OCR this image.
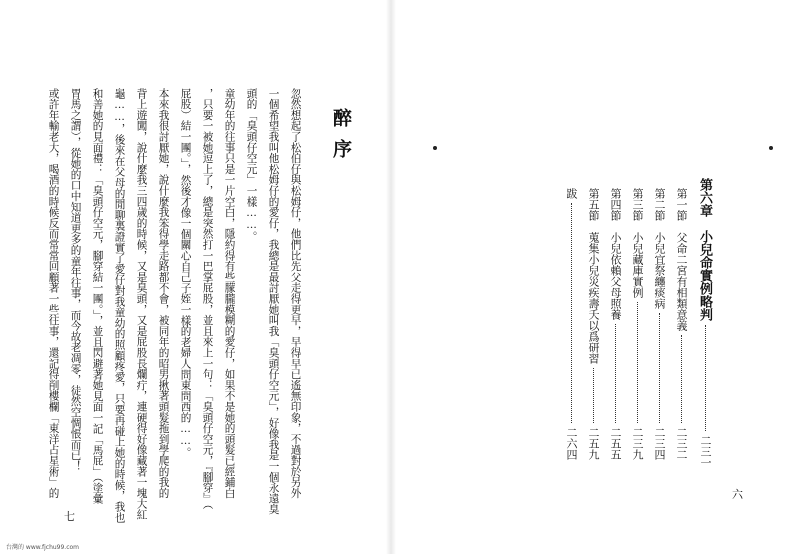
忽然想起了松伯仔與松姆仔，他們比先父走得更早，早得早已遙無印象，不過對於另外
一個希望我叫他松姆仔的愛仔，我總是最討厭她叫我「臭頭仔空元」，好像我是一個永遠臭
頭的「臭頭仔空元」一樣……。
童幼年的往事只是一片空白，隱約得有些朦朧模糊的愛仔，如果不是她的頭髮已經鋪白
，只要一被她逗上了，總是突然打一巴掌屁股，並且來上一句：「臭頭仔空元，『腳穿』（
屁股）結一團。」，然後才像一個關心自己子姪一樣的老婦人問東問西的……。
本來我很討厭她，說什麼我笨得學走路都不會，被同年的昭男揪著頭髮拖到學爬的我的
背上遊闖，說什麼我三四歲的時候，又是臭頭，又是屁股長爛疔，連硬得好像藏著一塊大紅
龜……，後來在父母的閒聊裏證實了愛仔對我童幼的照顧疼愛，只要再碰上她的時候，我也
和善她的見面禮：「臭頭仔空元，腳穿結一團。」，並且閃避著她見面一記「馬屁」（塗彙
胃馬之謂），從她的口中知道更多的童年往事，而今故老凋零，徒然空惆悵而已！
或許年輸老大，喝酒的時候反而常常回顧著一些往事，還記得削樓欄「東洋占星術」的	醉序
七
第六章　小兒命實例略判
二三一
第一節　父命二宮有相類意義
二三二
第二節　小兒宜祭纏痰病
二三四
第三節　小兒藏庫實例
二三九
第四節　小兒依賴父母照養
二五五
第五節　蒐集小兒災疾壽夭以爲研習
二五九
跋
二六四
六
台灣的 www.fjchu99.com
